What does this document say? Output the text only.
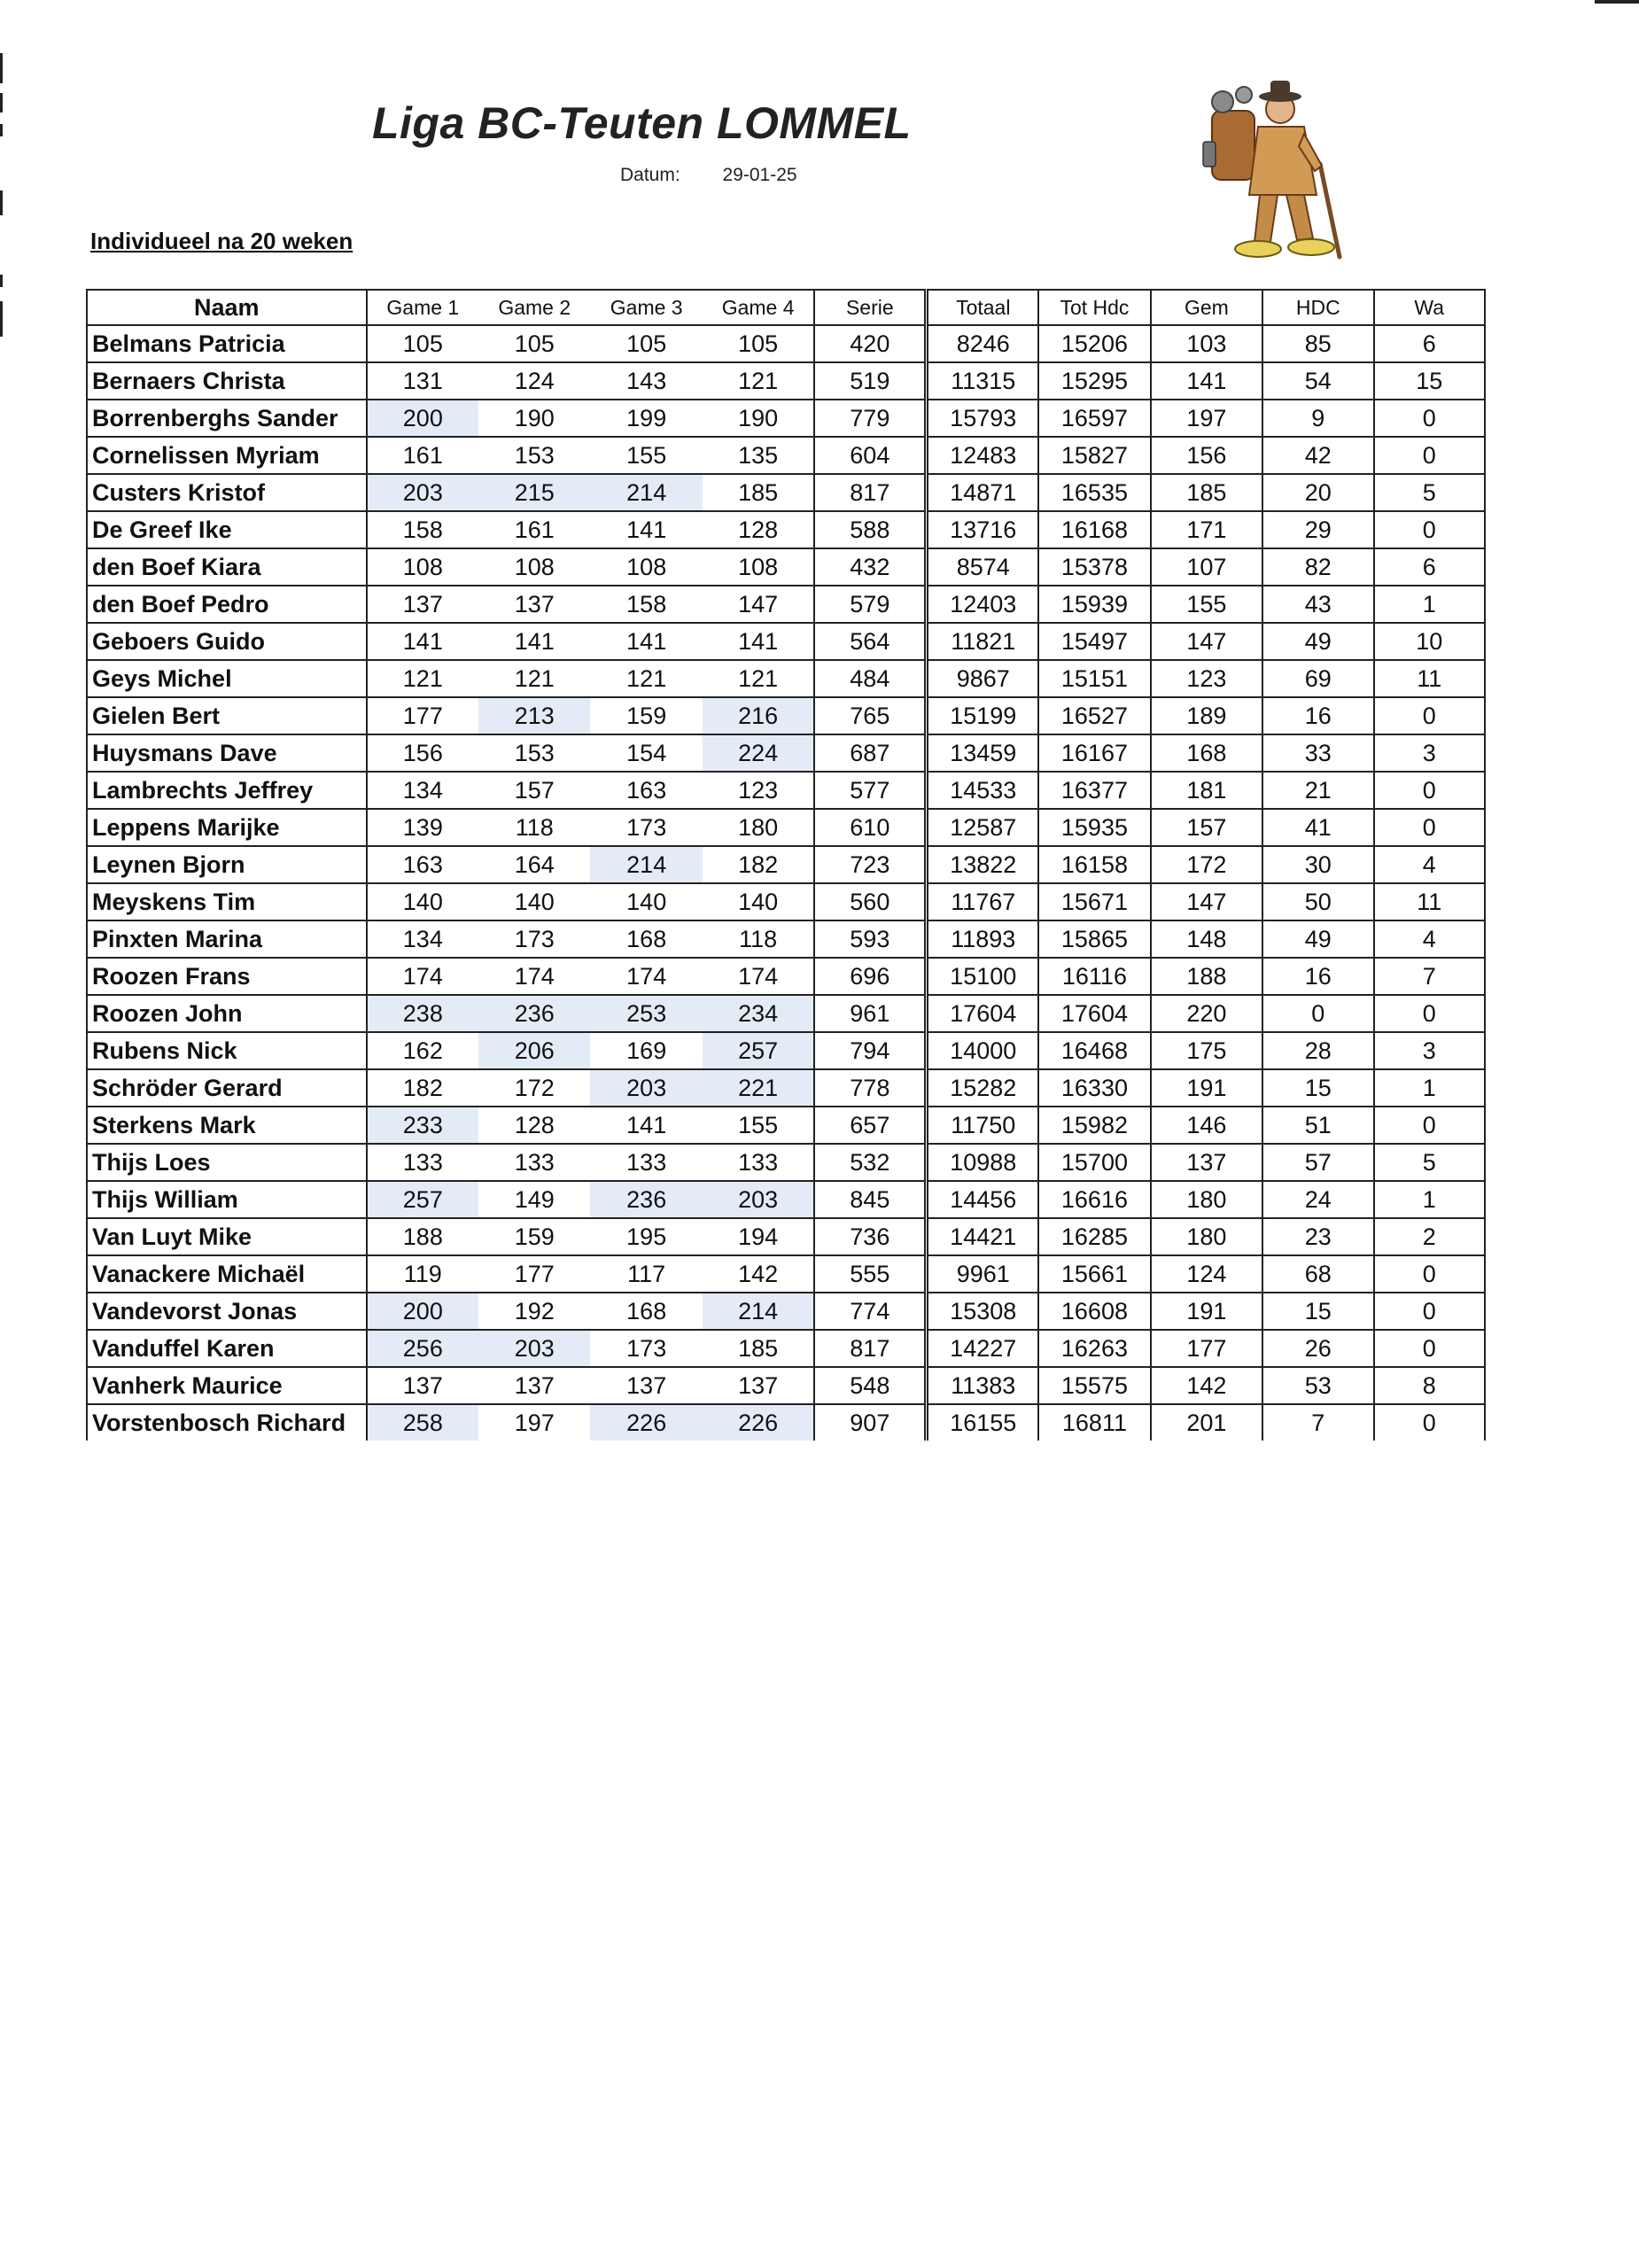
Liga BC-Teuten LOMMEL
Datum: 29-01-25
Individueel na 20 weken
Naam	Game 1	Game 2	Game 3	Game 4	Serie	Totaal	Tot Hdc	Gem	HDC	Wa
Belmans Patricia	105	105	105	105	420	8246	15206	103	85	6
Bernaers Christa	131	124	143	121	519	11315	15295	141	54	15
Borrenberghs Sander	200	190	199	190	779	15793	16597	197	9	0
Cornelissen Myriam	161	153	155	135	604	12483	15827	156	42	0
Custers Kristof	203	215	214	185	817	14871	16535	185	20	5
De Greef Ike	158	161	141	128	588	13716	16168	171	29	0
den Boef Kiara	108	108	108	108	432	8574	15378	107	82	6
den Boef Pedro	137	137	158	147	579	12403	15939	155	43	1
Geboers Guido	141	141	141	141	564	11821	15497	147	49	10
Geys Michel	121	121	121	121	484	9867	15151	123	69	11
Gielen Bert	177	213	159	216	765	15199	16527	189	16	0
Huysmans Dave	156	153	154	224	687	13459	16167	168	33	3
Lambrechts Jeffrey	134	157	163	123	577	14533	16377	181	21	0
Leppens Marijke	139	118	173	180	610	12587	15935	157	41	0
Leynen Bjorn	163	164	214	182	723	13822	16158	172	30	4
Meyskens Tim	140	140	140	140	560	11767	15671	147	50	11
Pinxten Marina	134	173	168	118	593	11893	15865	148	49	4
Roozen Frans	174	174	174	174	696	15100	16116	188	16	7
Roozen John	238	236	253	234	961	17604	17604	220	0	0
Rubens Nick	162	206	169	257	794	14000	16468	175	28	3
Schröder Gerard	182	172	203	221	778	15282	16330	191	15	1
Sterkens Mark	233	128	141	155	657	11750	15982	146	51	0
Thijs Loes	133	133	133	133	532	10988	15700	137	57	5
Thijs William	257	149	236	203	845	14456	16616	180	24	1
Van Luyt Mike	188	159	195	194	736	14421	16285	180	23	2
Vanackere Michaël	119	177	117	142	555	9961	15661	124	68	0
Vandevorst Jonas	200	192	168	214	774	15308	16608	191	15	0
Vanduffel Karen	256	203	173	185	817	14227	16263	177	26	0
Vanherk Maurice	137	137	137	137	548	11383	15575	142	53	8
Vorstenbosch Richard	258	197	226	226	907	16155	16811	201	7	0
